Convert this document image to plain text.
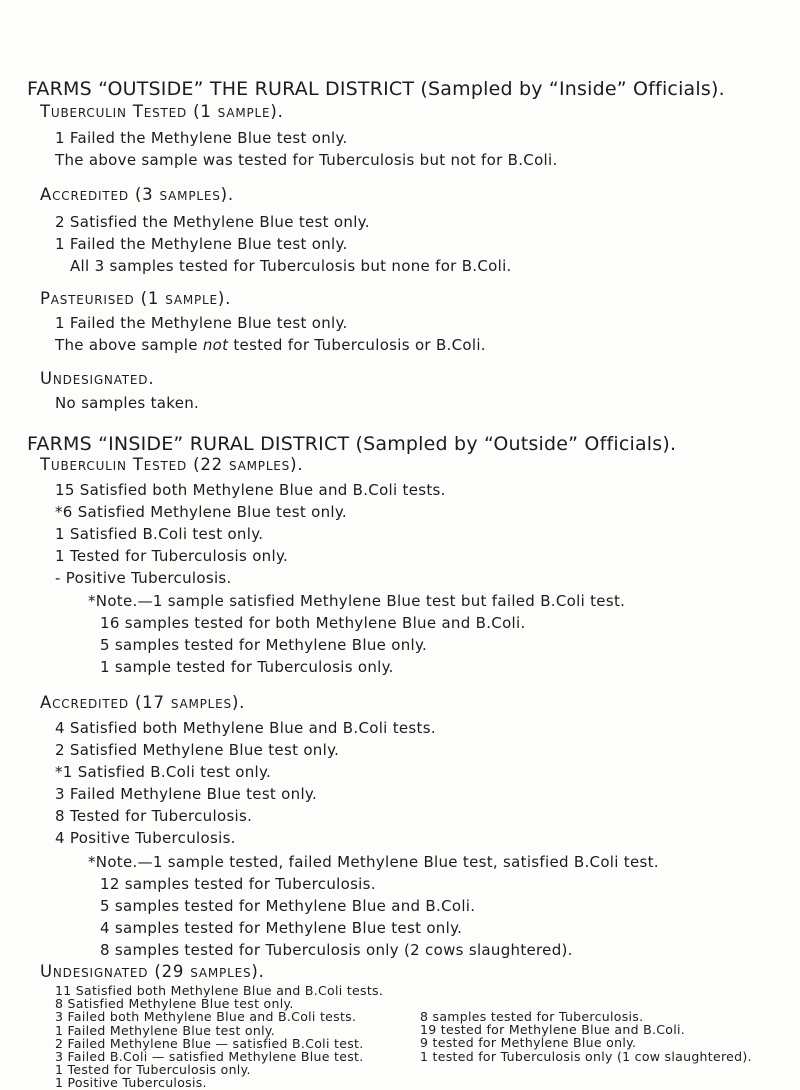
FARMS “OUTSIDE” THE RURAL DISTRICT (Sampled by “Inside” Officials).
Tuberculin Tested (1 sample).
1 Failed the Methylene Blue test only.
The above sample was tested for Tuberculosis but not for B.Coli.
Accredited (3 samples).
2 Satisfied the Methylene Blue test only.
1 Failed the Methylene Blue test only.
All 3 samples tested for Tuberculosis but none for B.Coli.
Pasteurised (1 sample).
1 Failed the Methylene Blue test only.
The above sample not tested for Tuberculosis or B.Coli.
Undesignated.
No samples taken.
FARMS “INSIDE” RURAL DISTRICT (Sampled by “Outside” Officials).
Tuberculin Tested (22 samples).
15 Satisfied both Methylene Blue and B.Coli tests.
*6 Satisfied Methylene Blue test only.
1 Satisfied B.Coli test only.
1 Tested for Tuberculosis only.
- Positive Tuberculosis.
*Note.—1 sample satisfied Methylene Blue test but failed B.Coli test.
16 samples tested for both Methylene Blue and B.Coli.
5 samples tested for Methylene Blue only.
1 sample tested for Tuberculosis only.
Accredited (17 samples).
4 Satisfied both Methylene Blue and B.Coli tests.
2 Satisfied Methylene Blue test only.
*1 Satisfied B.Coli test only.
3 Failed Methylene Blue test only.
8 Tested for Tuberculosis.
4 Positive Tuberculosis.
*Note.—1 sample tested, failed Methylene Blue test, satisfied B.Coli test.
12 samples tested for Tuberculosis.
5 samples tested for Methylene Blue and B.Coli.
4 samples tested for Methylene Blue test only.
8 samples tested for Tuberculosis only (2 cows slaughtered).
Undesignated (29 samples).
11 Satisfied both Methylene Blue and B.Coli tests.
8 Satisfied Methylene Blue test only.
3 Failed both Methylene Blue and B.Coli tests.
1 Failed Methylene Blue test only.
2 Failed Methylene Blue — satisfied B.Coli test.
3 Failed B.Coli — satisfied Methylene Blue test.
1 Tested for Tuberculosis only.
1 Positive Tuberculosis.
8 samples tested for Tuberculosis.
19 tested for Methylene Blue and B.Coli.
9 tested for Methylene Blue only.
1 tested for Tuberculosis only (1 cow slaughtered).
